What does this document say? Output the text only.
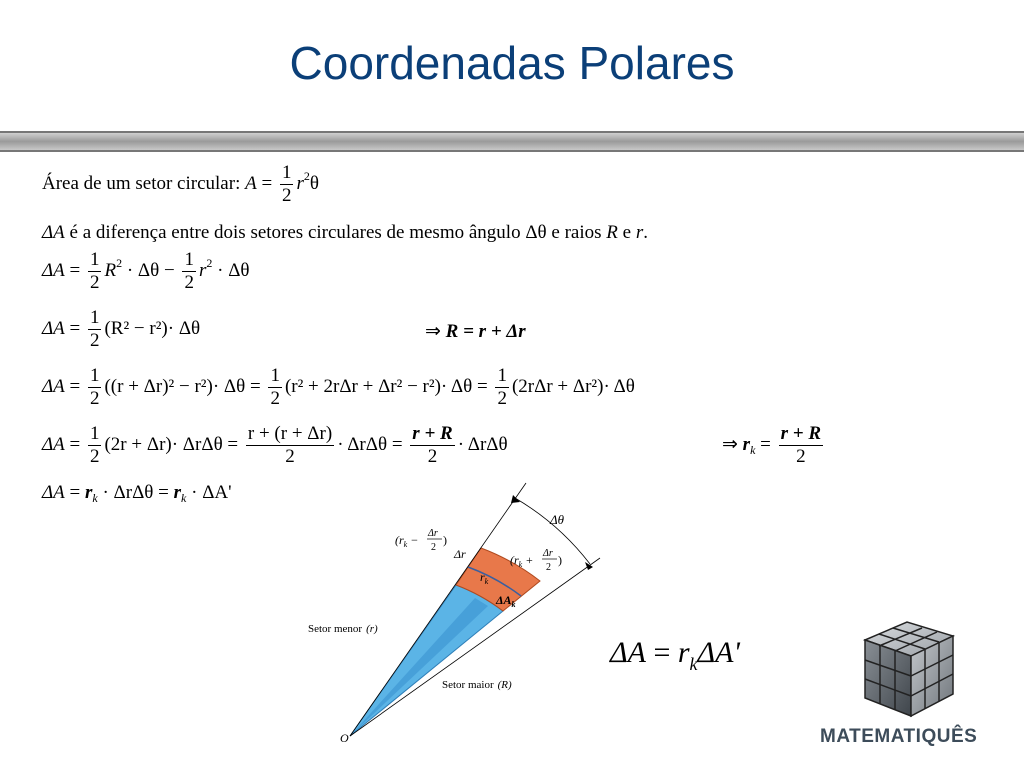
Coordenadas Polares
Área de um setor circular: $A = \frac{1}{2} r^2\theta$
ΔA é a diferença entre dois setores circulares de mesmo ângulo Δθ e raios R e r.
$\Delta A = \frac{1}{2} R^2 \cdot \Delta\theta - \frac{1}{2} r^2 \cdot \Delta\theta$
$\Delta A = \frac{1}{2} (R^2 - r^2)\cdot \Delta\theta$	⇒ R = r + Δr
$\Delta A = \frac{1}{2} ((r + \Delta r)^2 - r^2)\cdot \Delta\theta = \frac{1}{2} (r^2 + 2r\Delta r + \Delta r^2 - r^2)\cdot \Delta\theta = \frac{1}{2} (2r\Delta r + \Delta r^2)\cdot \Delta\theta$
$\Delta A = \frac{1}{2} (2r + \Delta r)\cdot \Delta r\Delta\theta = \frac{r + (r + \Delta r)}{2} \cdot \Delta r\Delta\theta = \frac{r + R}{2} \cdot \Delta r\Delta\theta$	⇒ $r_k = \frac{r + R}{2}$
$\Delta A = r_k \cdot \Delta r\Delta\theta = r_k \cdot \Delta A'$
Δθ
Δr
$r_k$
$\Delta A_k$
($r_k - \Delta r$
2
)
($r_k + \Delta r$
2
)
Setor menor (r)
Setor maior (R)
O
$\Delta A = r_k\Delta A'$
MATEMATIQUÊS
